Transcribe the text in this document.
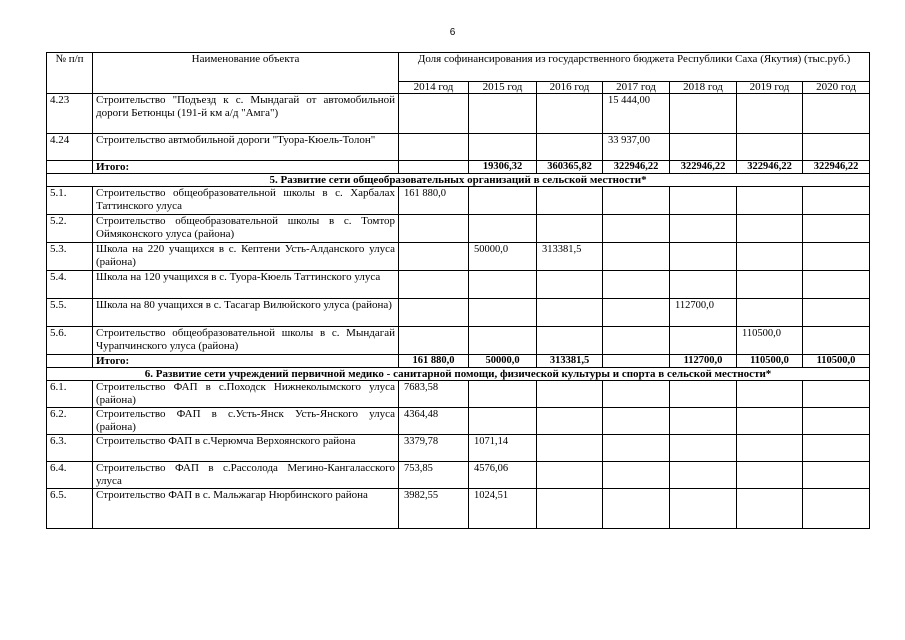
6
№ п/п	Наименование объекта	Доля софинансирования из государственного бюджета Республики Саха (Якутия) (тыс.руб.)						
		2014 год	2015 год	2016 год	2017 год	2018 год	2019 год	2020 год
4.23	Строительство "Подъезд к с. Мындагай от автомобильной дороги Бетюнцы (191-й км а/д "Амга")				15 444,00			
4.24	Строительство автмобильной дороги "Туора-Кюель-Толон"				33 937,00			
	Итого:		19306,32	360365,82	322946,22	322946,22	322946,22	322946,22
5. Развитие сети общеобразовательных организаций в сельской местности*								
5.1.	Строительство общеобразовательной школы в с. Харбалах Таттинского улуса	161 880,0						
5.2.	Строительство общеобразовательной школы в с. Томтор Оймяконского улуса (района)							
5.3.	Школа на 220 учащихся в с. Кептени Усть-Алданского улуса (района)		50000,0	313381,5				
5.4.	Школа на 120 учащихся в с. Туора-Кюель Таттинского улуса							
5.5.	Школа на 80 учащихся в с. Тасагар Вилюйского улуса (района)					112700,0		
5.6.	Строительство общеобразовательной школы в с. Мындагай Чурапчинского улуса (района)						110500,0	
	Итого:	161 880,0	50000,0	313381,5		112700,0	110500,0	110500,0
6. Развитие сети учреждений первичной медико - санитарной помощи, физической культуры и спорта в сельской местности*								
6.1.	Строительство ФАП в с.Походск Нижнеколымского улуса (района)	7683,58						
6.2.	Строительство ФАП в с.Усть-Янск Усть-Янского улуса (района)	4364,48						
6.3.	Строительство ФАП в с.Черюмча Верхоянского района	3379,78	1071,14					
6.4.	Строительство ФАП в с.Рассолода Мегино-Кангаласского улуса	753,85	4576,06					
6.5.	Строительство ФАП в с. Мальжагар Нюрбинского района	3982,55	1024,51					
